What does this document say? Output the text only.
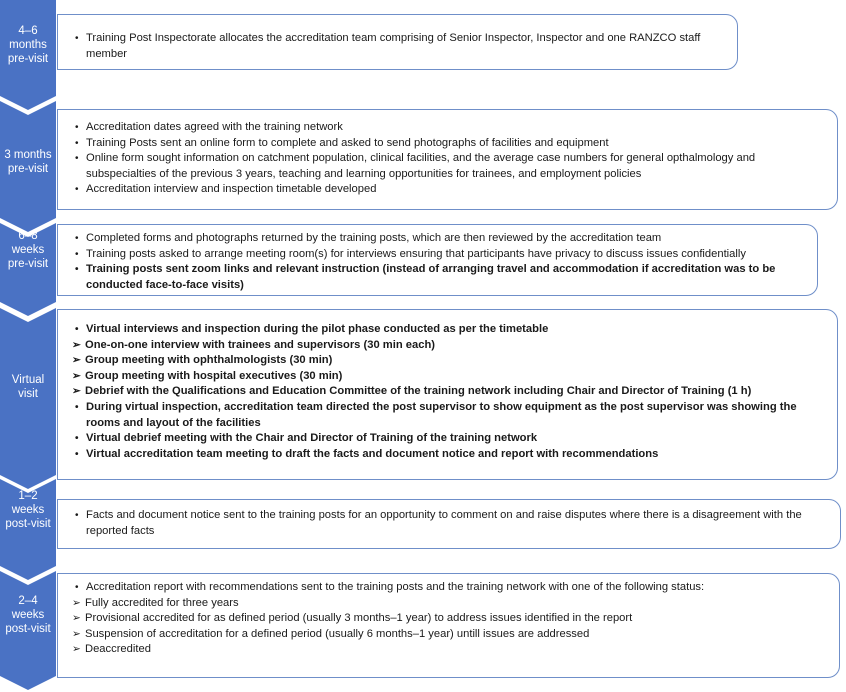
4–6
months
pre-visit
• Training Post Inspectorate allocates the accreditation team comprising of Senior Inspector, Inspector and one RANZCO staff member
3 months
pre-visit
• Accreditation dates agreed with the training network
• Training Posts sent an online form to complete and asked to send photographs of facilities and equipment
• Online form sought information on catchment population, clinical facilities, and the average case numbers for general opthalmology and subspecialties of the previous 3 years, teaching and learning opportunities for trainees, and employment policies
• Accreditation interview and inspection timetable developed
6–8
weeks
pre-visit
• Completed forms and photographs returned by the training posts, which are then reviewed by the accreditation team
• Training posts asked to arrange meeting room(s) for interviews ensuring that participants have privacy to discuss issues confidentially
• Training posts sent zoom links and relevant instruction (instead of arranging travel and accommodation if accreditation was to be conducted face-to-face visits)
Virtual
visit
• Virtual interviews and inspection during the pilot phase conducted as per the timetable
➢ One-on-one interview with trainees and supervisors (30 min each)
➢ Group meeting with ophthalmologists (30 min)
➢ Group meeting with hospital executives (30 min)
➢ Debrief with the Qualifications and Education Committee of the training network including Chair and Director of Training (1 h)
• During virtual inspection, accreditation team directed the post supervisor to show equipment as the post supervisor was showing the rooms and layout of the facilities
• Virtual debrief meeting with the Chair and Director of Training of the training network
• Virtual accreditation team meeting to draft the facts and document notice and report with recommendations
1–2
weeks
post-visit
• Facts and document notice sent to the training posts for an opportunity to comment on and raise disputes where there is a disagreement with the reported facts
2–4
weeks
post-visit
• Accreditation report with recommendations sent to the training posts and the training network with one of the following status:
➢ Fully accredited for three years
➢ Provisional accredited for as defined period (usually 3 months–1 year) to address issues identified in the report
➢ Suspension of accreditation for a defined period (usually 6 months–1 year) untill issues are addressed
➢ Deaccredited
